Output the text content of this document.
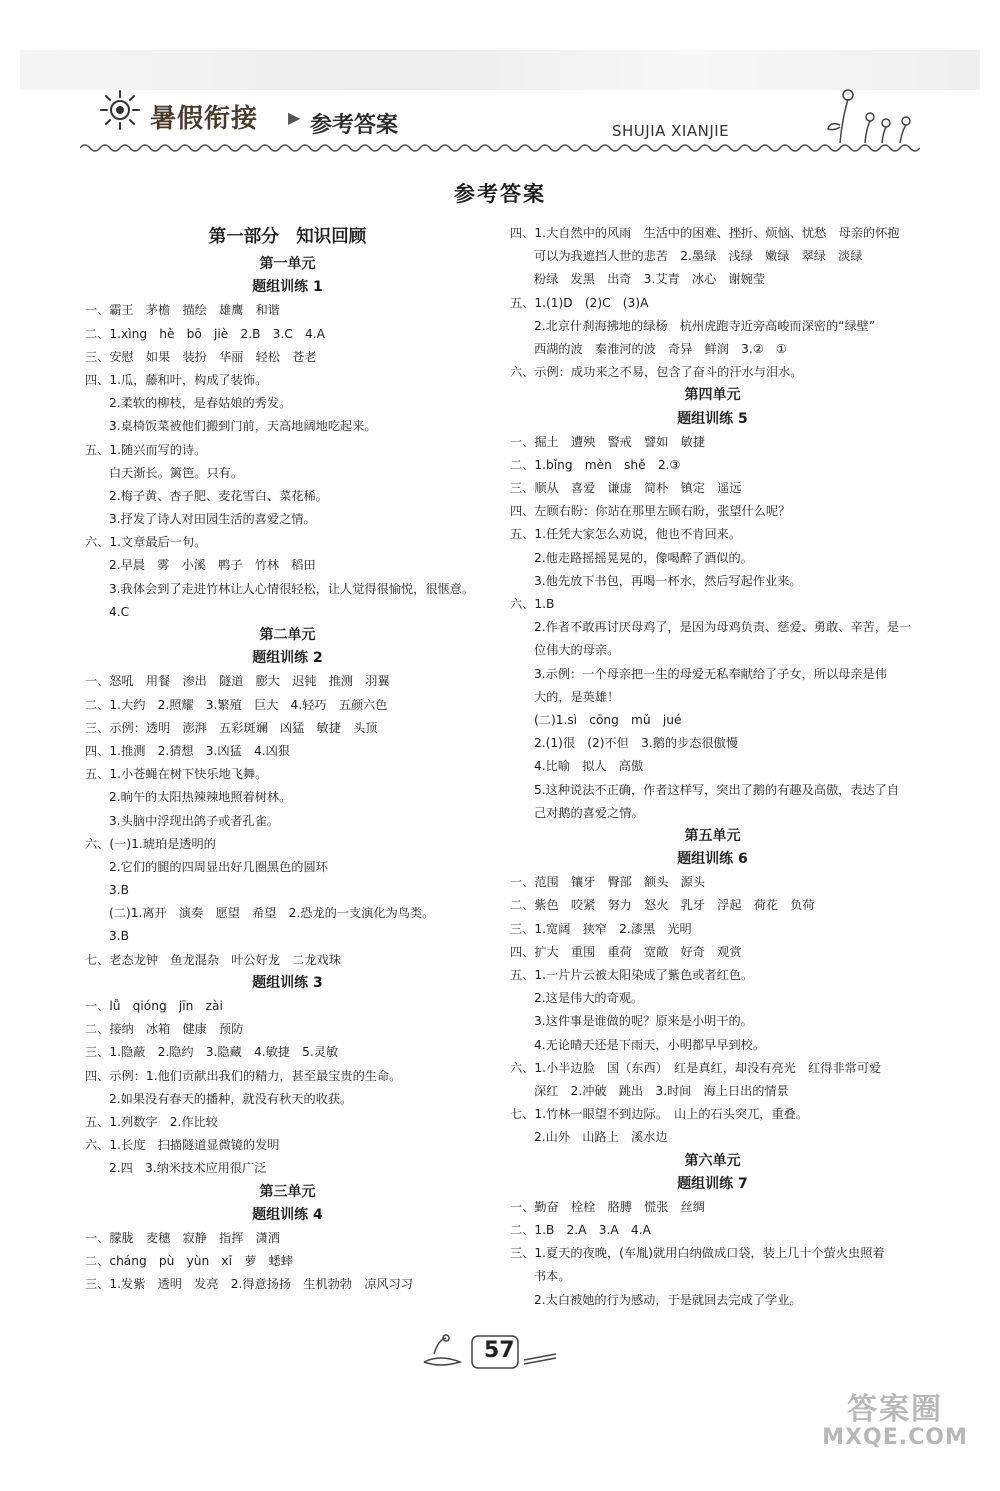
暑假衔接 ▶ 参考答案	SHUJIA XIANJIE
参考答案
第一部分　知识回顾
第一单元
题组训练 1
一、霸王　茅檐　描绘　雄鹰　和谐
二、1.xìng　hè　bō　jiè　2.B　3.C　4.A
三、安慰　如果　装扮　华丽　轻松　苍老
四、1.瓜，藤和叶，构成了装饰。
2.柔软的柳枝，是春姑娘的秀发。
3.桌椅饭菜被他们搬到门前，天高地阔地吃起来。
五、1.随兴而写的诗。
白天渐长。篱笆。只有。
2.梅子黄、杏子肥、麦花雪白、菜花稀。
3.抒发了诗人对田园生活的喜爱之情。
六、1.文章最后一句。
2.早晨　雾　小溪　鸭子　竹林　稻田
3.我体会到了走进竹林让人心情很轻松，让人觉得很愉悦，很惬意。
4.C
第二单元
题组训练 2
一、怒吼　用餐　渗出　隧道　膨大　迟钝　推测　羽翼
二、1.大约　2.照耀　3.繁殖　巨大　4.轻巧　五颜六色
三、示例：透明　澎湃　五彩斑斓　凶猛　敏捷　头顶
四、1.推测　2.猜想　3.凶猛　4.凶狠
五、1.小苍蝇在树下快乐地飞舞。
2.晌午的太阳热辣辣地照着树林。
3.头脑中浮现出鸽子或者孔雀。
六、(一)1.琥珀是透明的
2.它们的腿的四周显出好几圈黑色的圆环
3.B
(二)1.离开　演奏　愿望　希望　2.恐龙的一支演化为鸟类。
3.B
七、老态龙钟　鱼龙混杂　叶公好龙　二龙戏珠
题组训练 3
一、lǚ　qióng　jīn　zài
二、接纳　冰箱　健康　预防
三、1.隐蔽　2.隐约　3.隐藏　4.敏捷　5.灵敏
四、示例：1.他们贡献出我们的精力，甚至最宝贵的生命。
2.如果没有春天的播种，就没有秋天的收获。
五、1.列数字　2.作比较
六、1.长度　扫描隧道显微镜的发明
2.四　3.纳米技术应用很广泛
第三单元
题组训练 4
一、朦胧　麦穗　寂静　指挥　潇洒
二、cháng　pù　yùn　xī　萝　蟋蟀
三、1.发紫　透明　发亮　2.得意扬扬　生机勃勃　凉风习习
四、1.大自然中的风雨　生活中的困难、挫折、烦恼、忧愁　母亲的怀抱
可以为我遮挡人世的悲苦　2.墨绿　浅绿　嫩绿　翠绿　淡绿
粉绿　发黑　出奇　3.艾青　冰心　谢婉莹
五、1.(1)D　(2)C　(3)A
2.北京什刹海拂地的绿杨　杭州虎跑寺近旁高峻而深密的“绿壁”
西湖的波　秦淮河的波　奇异　鲜润　3.②　①
六、示例：成功来之不易，包含了奋斗的汗水与泪水。
第四单元
题组训练 5
一、掘土　遭殃　警戒　譬如　敏捷
二、1.bǐng　mèn　shě　2.③
三、顺从　喜爱　谦虚　简朴　镇定　遥远
四、左顾右盼：你站在那里左顾右盼，张望什么呢？
五、1.任凭大家怎么劝说，他也不肯回来。
2.他走路摇摇晃晃的，像喝醉了酒似的。
3.他先放下书包，再喝一杯水，然后写起作业来。
六、1.B
2.作者不敢再讨厌母鸡了，是因为母鸡负责、慈爱、勇敢、辛苦，是一
位伟大的母亲。
3.示例：一个母亲把一生的母爱无私奉献给了子女，所以母亲是伟
大的，是英雄！
(二)1.sì　cōng　mǔ　jué
2.(1)很　(2)不但　3.鹅的步态很傲慢
4.比喻　拟人　高傲
5.这种说法不正确，作者这样写，突出了鹅的有趣及高傲，表达了自
己对鹅的喜爱之情。
第五单元
题组训练 6
一、范围　镶牙　臀部　额头　源头
二、紫色　咬紧　努力　怒火　乳牙　浮起　荷花　负荷
三、1.宽阔　狭窄　2.漆黑　光明
四、扩大　重围　重荷　宽敞　好奇　观赏
五、1.一片片云被太阳染成了紫色或者红色。
2.这是伟大的奇观。
3.这件事是谁做的呢？原来是小明干的。
4.无论晴天还是下雨天，小明都早早到校。
六、1.小半边脸　国（东西）　红是真红，却没有亮光　红得非常可爱
深红　2.冲破　跳出　3.时间　海上日出的情景
七、1.竹林一眼望不到边际。　山上的石头突兀，重叠。
2.山外　山路上　溪水边
第六单元
题组训练 7
一、勤奋　栓栓　胳膊　慌张　丝绸
二、1.B　2.A　3.A　4.A
三、1.夏天的夜晚，(车胤)就用白纳做成口袋，装上几十个萤火虫照着
书本。
2.太白被她的行为感动，于是就回去完成了学业。
57
答案圈
MXQE.COM
